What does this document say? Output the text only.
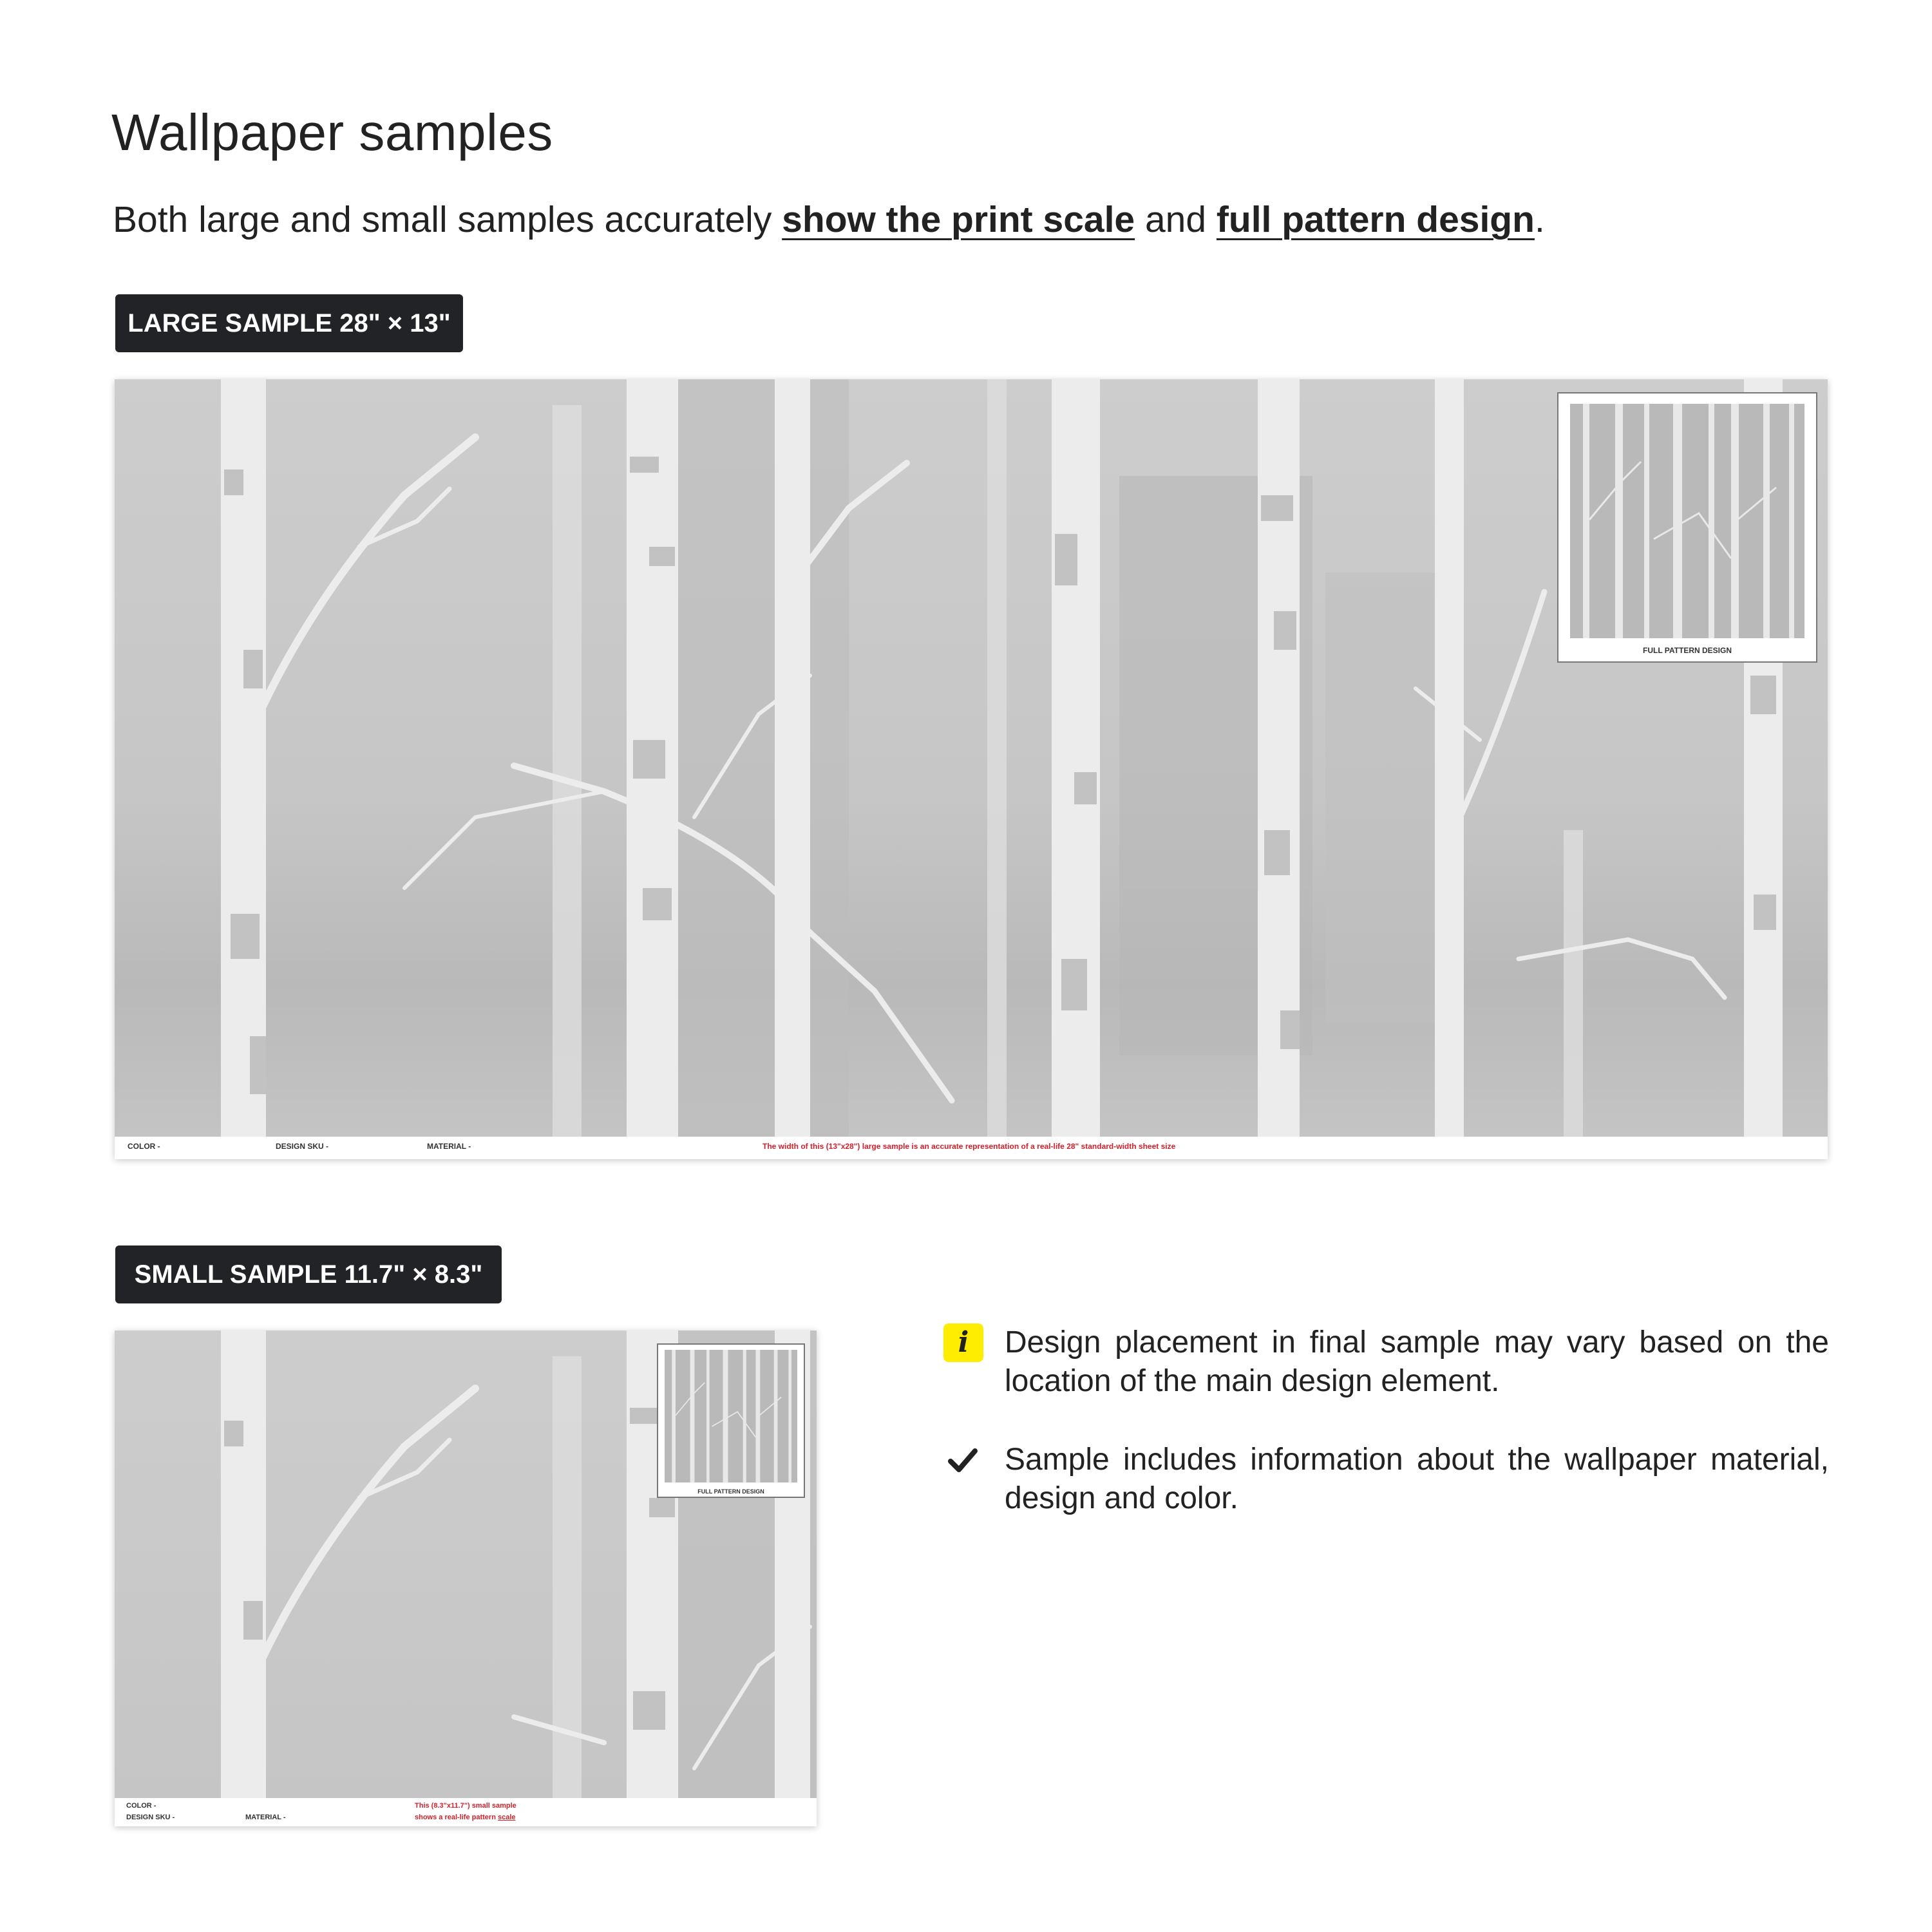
Wallpaper samples

Both large and small samples accurately show the print scale and full pattern design.

LARGE SAMPLE 28" × 13"
FULL PATTERN DESIGN
COLOR -	DESIGN SKU -	MATERIAL -	The width of this (13"x28") large sample is an accurate representation of a real-life 28" standard-width sheet size
SMALL SAMPLE 11.7" × 8.3"
FULL PATTERN DESIGN
COLOR -
DESIGN SKU -	MATERIAL -
This (8.3"x11.7") small sample
shows a real-life pattern scale
i	Design placement in final sample may vary based on the location of the main design element.
Sample includes information about the wallpaper material, design and color.
